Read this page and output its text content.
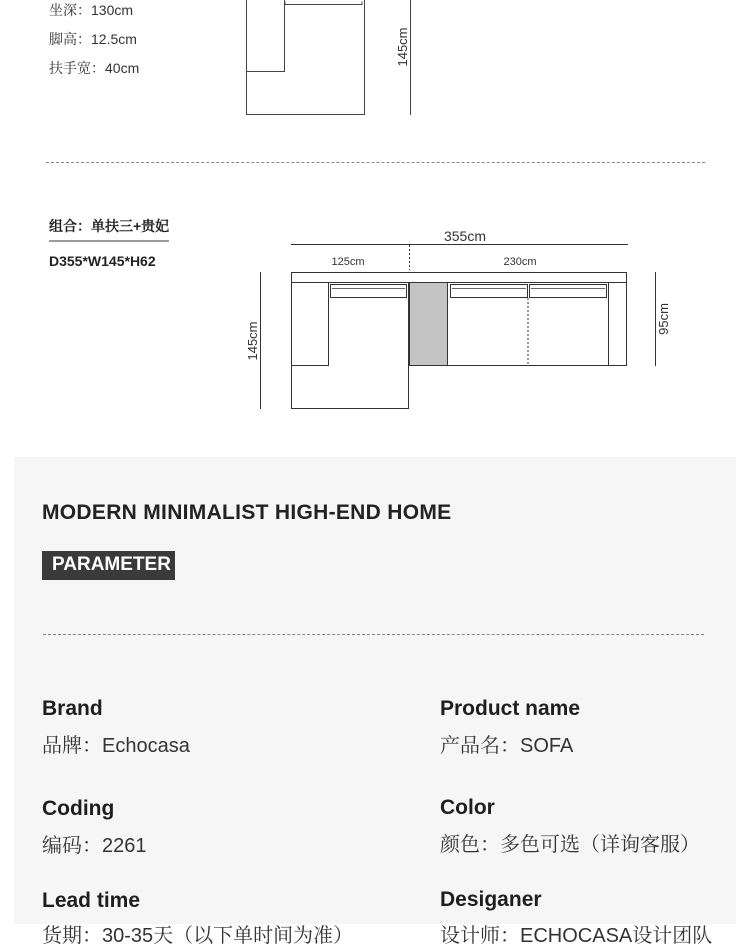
坐深：130cm
脚高：12.5cm
扶手宽：40cm
145cm
组合：单扶三+贵妃
D355*W145*H62
355cm
125cm	230cm
145cm
95cm
MODERN MINIMALIST HIGH-END HOME
PARAMETER
Brand
品牌：Echocasa
Product name
产品名：SOFA
Coding
编码：2261
Color
颜色：多色可选（详询客服）
Lead time
货期：30-35天（以下单时间为准）
Desiganer
设计师：ECHOCASA设计团队
